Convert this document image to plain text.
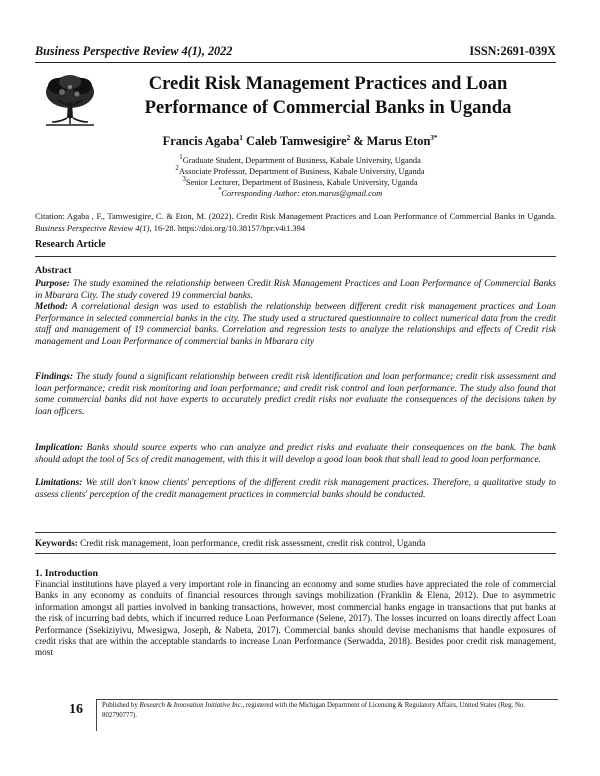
Business Perspective Review 4(1), 2022	ISSN:2691-039X
Credit Risk Management Practices and Loan
Performance of Commercial Banks in Uganda
Francis Agaba$^1$ Caleb Tamwesigire$^2$ & Marus Eton$^{3*}$
$^1$Graduate Student, Department of Business, Kabale University, Uganda
$^2$Associate Professor, Department of Business, Kabale University, Uganda
$^3$Senior Lecturer, Department of Business, Kabale University, Uganda
*Corresponding Author: eton.marus@gmail.com
Citation: Agaba , F., Tamwesigire, C. & Eton, M. (2022). Credit Risk Management Practices and Loan Performance of Commercial Banks in Uganda. Business Perspective Review 4(1), 16-28. https://doi.org/10.38157/bpr.v4i1.394
Research Article
Abstract
Purpose: The study examined the relationship between Credit Risk Management Practices and Loan Performance of Commercial Banks in Mbarara City. The study covered 19 commercial banks.
Method: A correlational design was used to establish the relationship between different credit risk management practices and Loan Performance in selected commercial banks in the city. The study used a structured questionnaire to collect numerical data from the credit staff and management of 19 commercial banks. Correlation and regression tests to analyze the relationships and effects of Credit risk management and Loan Performance of commercial banks in Mbarara city
Findings: The study found a significant relationship between credit risk identification and loan performance; credit risk assessment and loan performance; credit risk monitoring and loan performance; and credit risk control and loan performance. The study also found that some commercial banks did not have experts to accurately predict credit risks nor evaluate the consequences of the decisions taken by loan officers.
Implication: Banks should source experts who can analyze and predict risks and evaluate their consequences on the bank. The bank should adopt the tool of 5cs of credit management, with this it will develop a good loan book that shall lead to good loan performance.
Limitations: We still don't know clients' perceptions of the different credit risk management practices. Therefore, a qualitative study to assess clients' perception of the credit management practices in commercial banks should be conducted.
Keywords: Credit risk management, loan performance, credit risk assessment, credit risk control, Uganda
1. Introduction
Financial institutions have played a very important role in financing an economy and some studies have appreciated the role of commercial Banks in any economy as conduits of financial resources through savings mobilization (Franklin & Elena, 2012). Due to asymmetric information amongst all parties involved in banking transactions, however, most commercial banks engage in transactions that put banks at the risk of incurring bad debts, which if incurred reduce Loan Performance (Selene, 2017). The losses incurred on loans directly affect Loan Performance (Ssekiziyivu, Mwesigwa, Joseph, & Nabeta, 2017). Commercial banks should devise mechanisms that handle exposures of credit risks that are within the acceptable standards to increase Loan Performance (Serwadda, 2018). Besides poor credit risk management, most
16	Published by Research & Innovation Initiative Inc., registered with the Michigan Department of Licensing & Regulatory Affairs, United States (Reg. No. 802790777).
